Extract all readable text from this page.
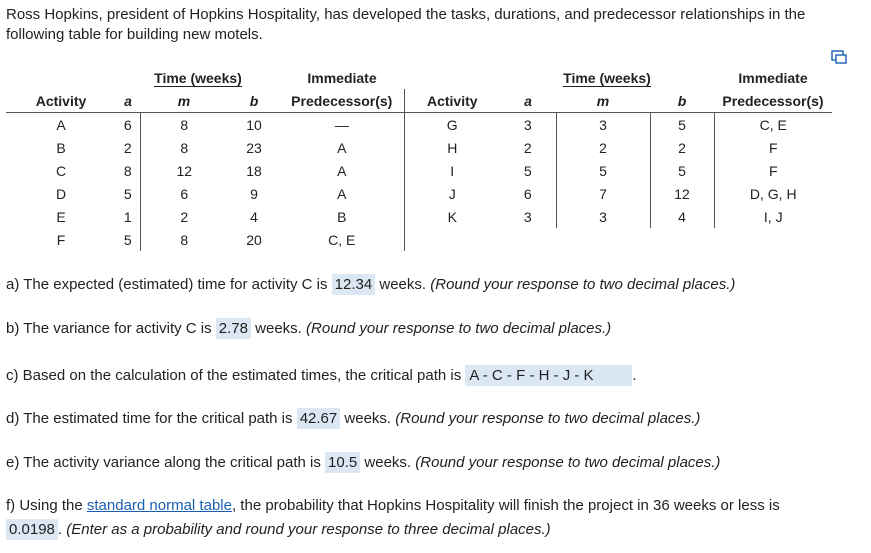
Ross Hopkins, president of Hopkins Hospitality, has developed the tasks, durations, and predecessor relationships in the following table for building new motels.
	Time (weeks)			Immediate		Time (weeks)			Immediate
Activity	a	m	b	Predecessor(s)	Activity	a	m	b	Predecessor(s)
A	6	8	10	—	G	3	3	5	C, E
B	2	8	23	A	H	2	2	2	F
C	8	12	18	A	I	5	5	5	F
D	5	6	9	A	J	6	7	12	D, G, H
E	1	2	4	B	K	3	3	4	I, J
F	5	8	20	C, E					
a) The expected (estimated) time for activity C is 12.34 weeks. (Round your response to two decimal places.)
b) The variance for activity C is 2.78 weeks. (Round your response to two decimal places.)
c) Based on the calculation of the estimated times, the critical path is A - C - F - H - J - K	.
d) The estimated time for the critical path is 42.67 weeks. (Round your response to two decimal places.)
e) The activity variance along the critical path is 10.5 weeks. (Round your response to two decimal places.)
f) Using the standard normal table, the probability that Hopkins Hospitality will finish the project in 36 weeks or less is
0.0198 . (Enter as a probability and round your response to three decimal places.)
